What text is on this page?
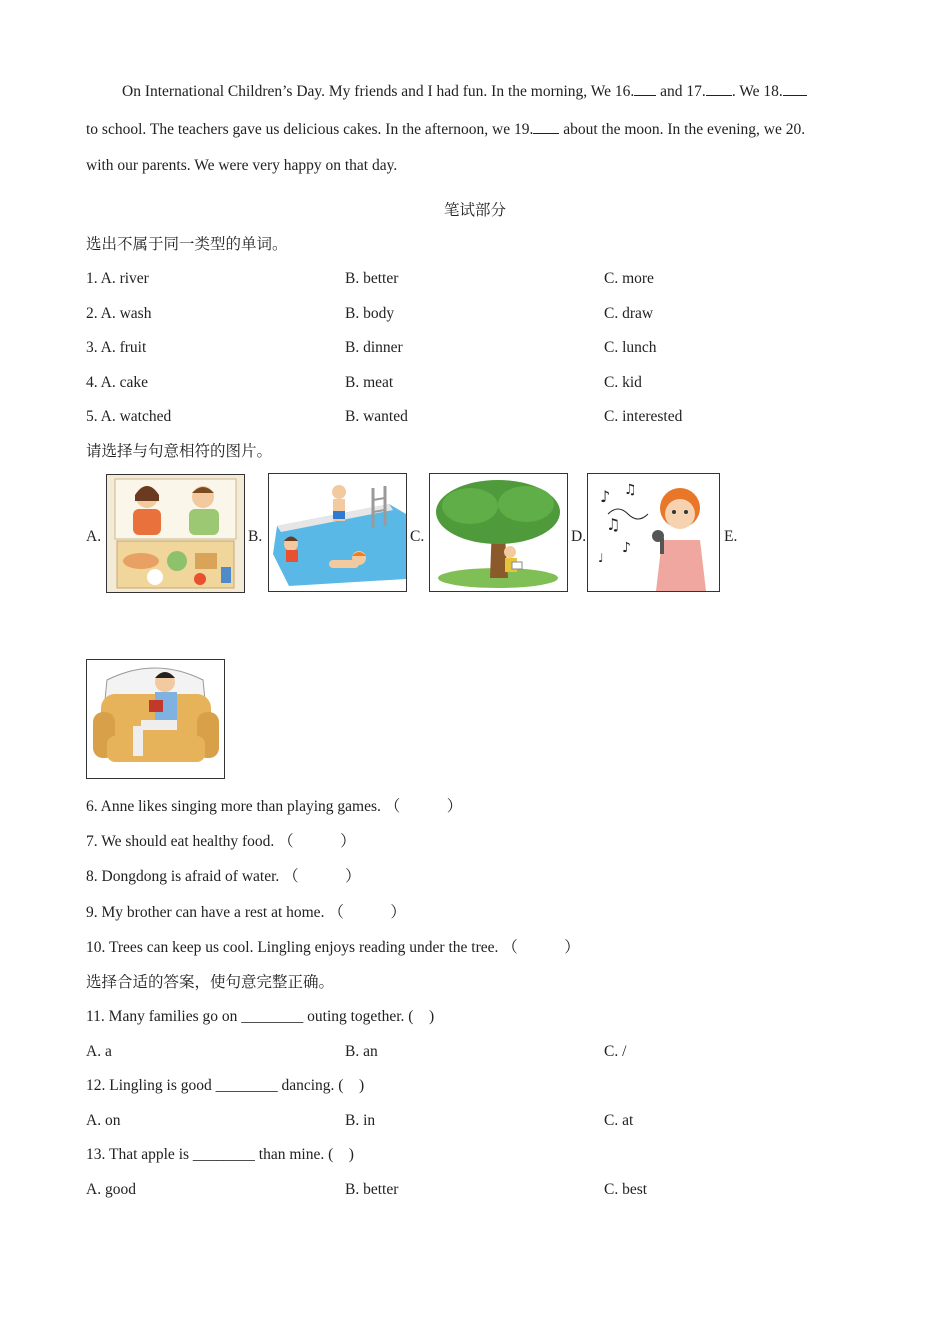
On International Children’s Day. My friends and I had fun. In the morning, We 16. and 17. . We 18.
to school. The teachers gave us delicious cakes. In the afternoon, we 19. about the moon. In the evening, we 20.
with our parents. We were very happy on that day.
笔试部分
选出不属于同一类型的单词。
1. A. river	B. better	C. more
2. A. wash	B. body	C. draw
3. A. fruit	B. dinner	C. lunch
4. A. cake	B. meat	C. kid
5. A. watched	B. wanted	C. interested
请选择与句意相符的图片。
A.	B.	C.	D.
♪ ♫
♫
♪
♩
E.
6. Anne likes singing more than playing games. （　　　）
7. We should eat healthy food. （　　　）
8. Dongdong is afraid of water. （　　　）
9. My brother can have a rest at home. （　　　）
10. Trees can keep us cool. Lingling enjoys reading under the tree. （　　　）
选择合适的答案，使句意完整正确。
11. Many families go on ________ outing together. (　)
A. a	B. an	C. /
12. Lingling is good ________ dancing. (　)
A. on	B. in	C. at
13. That apple is ________ than mine. (　)
A. good	B. better	C. best
